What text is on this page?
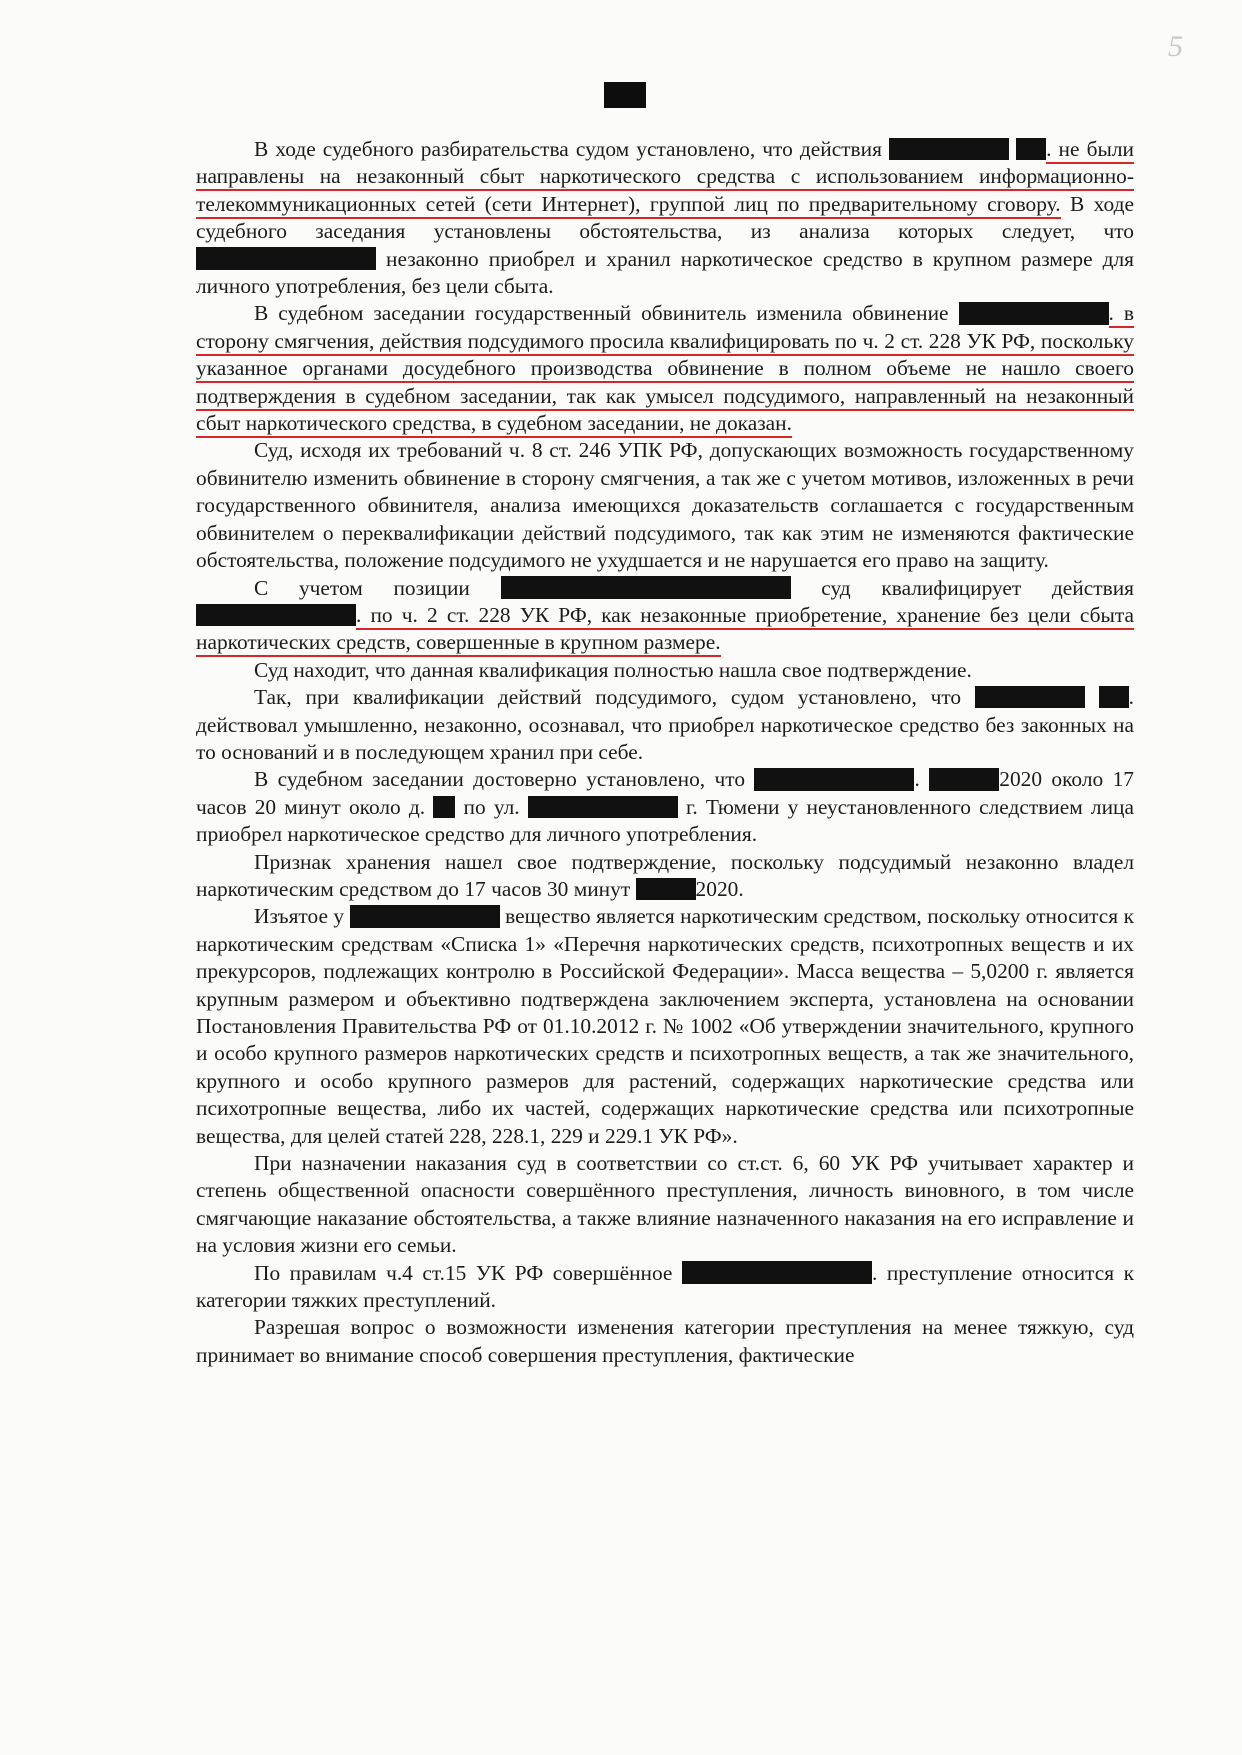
5

В ходе судебного разбирательства судом установлено, что действия	. не были направлены на незаконный сбыт наркотического средства с использованием информационно-телекоммуникационных сетей (сети Интернет), группой лиц по предварительному сговору. В ходе судебного заседания установлены обстоятельства, из анализа которых следует, что  незаконно приобрел и хранил наркотическое средство в крупном размере для личного употребления, без цели сбыта.

В судебном заседании государственный обвинитель изменила обвинение	. в сторону смягчения, действия подсудимого просила квалифицировать по ч. 2 ст. 228 УК РФ, поскольку указанное органами досудебного производства обвинение в полном объеме не нашло своего подтверждения в судебном заседании, так как умысел подсудимого, направленный на незаконный сбыт наркотического средства, в судебном заседании, не доказан.

Суд, исходя их требований ч. 8 ст. 246 УПК РФ, допускающих возможность государственному обвинителю изменить обвинение в сторону смягчения, а так же с учетом мотивов, изложенных в речи государственного обвинителя, анализа имеющихся доказательств соглашается с государственным обвинителем о переквалификации действий подсудимого, так как этим не изменяются фактические обстоятельства, положение подсудимого не ухудшается и не нарушается его право на защиту.

С учетом позиции	суд квалифицирует действия . по ч. 2 ст. 228 УК РФ, как незаконные приобретение, хранение без цели сбыта наркотических средств, совершенные в крупном размере.

Суд находит, что данная квалификация полностью нашла свое подтверждение.

Так, при квалификации действий подсудимого, судом установлено, что	. действовал умышленно, незаконно, осознавал, что приобрел наркотическое средство без законных на то оснований и в последующем хранил при себе.

В судебном заседании достоверно установлено, что	.	2020 около 17 часов 20 минут около д.  по ул.	г. Тюмени у неустановленного следствием лица приобрел наркотическое средство для личного употребления.

Признак хранения нашел свое подтверждение, поскольку подсудимый незаконно владел наркотическим средством до 17 часов 30 минут	2020.

Изъятое у	вещество является наркотическим средством, поскольку относится к наркотическим средствам «Списка 1» «Перечня наркотических средств, психотропных веществ и их прекурсоров, подлежащих контролю в Российской Федерации». Масса вещества – 5,0200 г. является крупным размером и объективно подтверждена заключением эксперта, установлена на основании Постановления Правительства РФ от 01.10.2012 г. № 1002 «Об утверждении значительного, крупного и особо крупного размеров наркотических средств и психотропных веществ, а так же значительного, крупного и особо крупного размеров для растений, содержащих наркотические средства или психотропные вещества, либо их частей, содержащих наркотические средства или психотропные вещества, для целей статей 228, 228.1, 229 и 229.1 УК РФ».

При назначении наказания суд в соответствии со ст.ст. 6, 60 УК РФ учитывает характер и степень общественной опасности совершённого преступления, личность виновного, в том числе смягчающие наказание обстоятельства, а также влияние назначенного наказания на его исправление и на условия жизни его семьи.

По правилам ч.4 ст.15 УК РФ совершённое	. преступление относится к категории тяжких преступлений.

Разрешая вопрос о возможности изменения категории преступления на менее тяжкую, суд принимает во внимание способ совершения преступления, фактические
